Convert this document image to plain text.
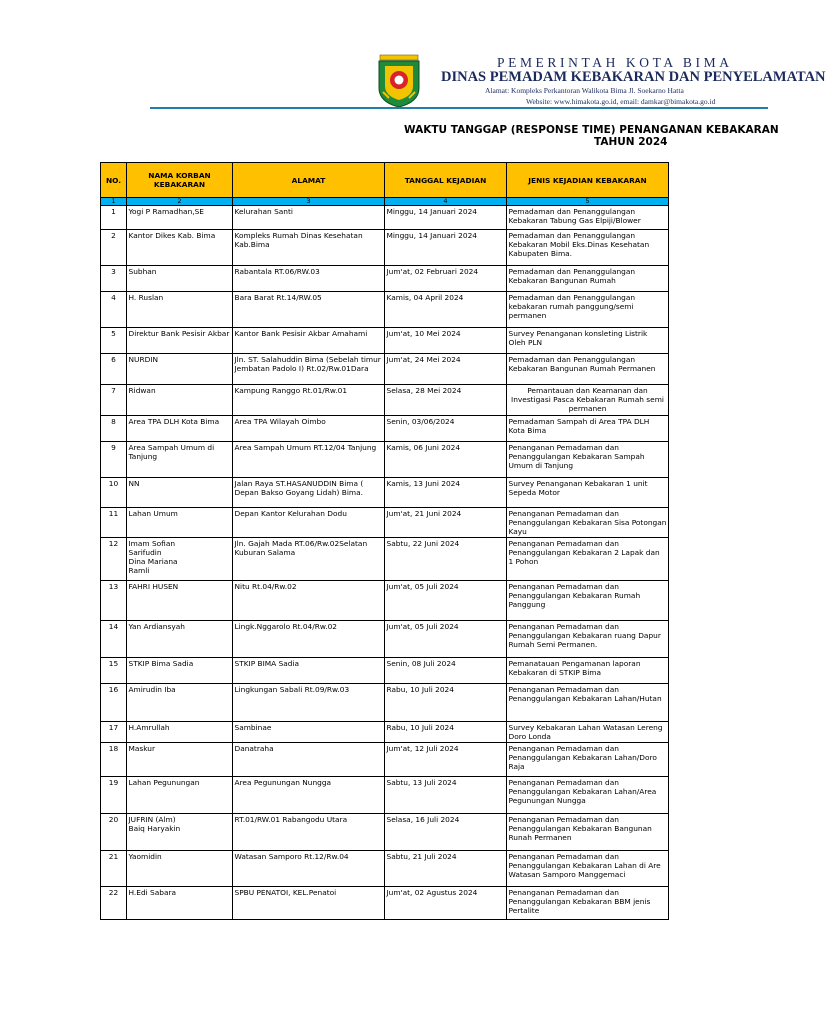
PEMERINTAH KOTA BIMA
DINAS PEMADAM KEBAKARAN DAN PENYELAMATAN
Alamat: Kompleks Perkantoran Walikota Bima Jl. Soekarno Hatta
Website: www.himakota.go.id, email: damkar@bimakota.go.id
WAKTU TANGGAP (RESPONSE TIME) PENANGANAN KEBAKARAN
TAHUN 2024
NO.	NAMA KORBAN KEBAKARAN	ALAMAT	TANGGAL KEJADIAN	JENIS KEJADIAN KEBAKARAN
1	2	3	4	5
1	Yogi P Ramadhan,SE	Kelurahan Santi	Minggu, 14 Januari 2024	Pemadaman dan Penanggulangan Kebakaran Tabung Gas Elpiji/Blower
2	Kantor Dikes Kab. Bima	Kompleks Rumah Dinas Kesehatan Kab.Bima	Minggu, 14 Januari 2024	Pemadaman dan Penanggulangan Kebakaran Mobil Eks.Dinas Kesehatan Kabupaten Bima.
3	Subhan	Rabantala RT.06/RW.03	Jum'at, 02 Februari 2024	Pemadaman dan Penanggulangan Kebakaran Bangunan Rumah
4	H. Ruslan	Bara Barat Rt.14/RW.05	Kamis, 04 April 2024	Pemadaman dan Penanggulangan kebakaran rumah panggung/semi permanen
5	Direktur Bank Pesisir Akbar	Kantor Bank Pesisir Akbar Amahami	Jum'at, 10 Mei 2024	Survey Penanganan konsleting Listrik Oleh PLN
6	NURDIN	Jln. ST. Salahuddin Bima (Sebelah timur Jembatan Padolo I) Rt.02/Rw.01Dara	Jum'at, 24 Mei 2024	Pemadaman dan Penanggulangan Kebakaran Bangunan Rumah Permanen
7	Ridwan	Kampung Ranggo Rt.01/Rw.01	Selasa, 28 Mei 2024	Pemantauan dan Keamanan dan Investigasi Pasca Kebakaran Rumah semi permanen
8	Area TPA DLH Kota Bima	Area TPA Wilayah Oimbo	Senin, 03/06/2024	Pemadaman Sampah di Area TPA DLH Kota Bima
9	Area Sampah Umum di Tanjung	Area Sampah Umum RT.12/04 Tanjung	Kamis, 06 Juni 2024	Penanganan Pemadaman dan Penanggulangan Kebakaran Sampah Umum di Tanjung
10	NN	Jalan Raya ST.HASANUDDIN Bima ( Depan Bakso Goyang Lidah) Bima.	Kamis, 13 Juni 2024	Survey Penanganan Kebakaran 1 unit Sepeda Motor
11	Lahan Umum	Depan Kantor Kelurahan Dodu	Jum'at, 21 Juni 2024	Penanganan Pemadaman dan Penanggulangan Kebakaran Sisa Potongan Kayu
12	Imam Sofian
Sarifudin
Dina Mariana
Ramli	Jln. Gajah Mada RT.06/Rw.02Selatan Kuburan Salama	Sabtu, 22 Juni 2024	Penanganan Pemadaman dan Penanggulangan Kebakaran 2 Lapak dan 1 Pohon
13	FAHRI HUSEN	Nitu Rt.04/Rw.02	Jum'at, 05 Juli 2024	Penanganan Pemadaman dan Penanggulangan Kebakaran Rumah Panggung
14	Yan Ardiansyah	Lingk.Nggarolo Rt.04/Rw.02	Jum'at, 05 Juli 2024	Penanganan Pemadaman dan Penanggulangan Kebakaran ruang Dapur Rumah Semi Permanen.
15	STKIP Bima Sadia	STKIP BIMA Sadia	Senin, 08 Juli 2024	Pemanatauan Pengamanan laporan Kebakaran di STKIP Bima
16	Amirudin Iba	Lingkungan Sabali Rt.09/Rw.03	Rabu, 10 Juli 2024	Penanganan Pemadaman dan Penanggulangan Kebakaran Lahan/Hutan
17	H.Amrullah	Sambinae	Rabu, 10 Juli 2024	Survey Kebakaran Lahan Watasan Lereng Doro Londa
18	Maskur	Danatraha	Jum'at, 12 Juli 2024	Penanganan Pemadaman dan Penanggulangan Kebakaran Lahan/Doro Raja
19	Lahan Pegunungan	Area Pegunungan Nungga	Sabtu, 13 Juli 2024	Penanganan Pemadaman dan Penanggulangan Kebakaran Lahan/Area Pegunungan Nungga
20	JUFRIN (Alm)
Baiq Haryakin	RT.01/RW.01 Rabangodu Utara	Selasa, 16 Juli 2024	Penanganan Pemadaman dan Penanggulangan Kebakaran Bangunan Runah Permanen
21	Yaomidin	Watasan Samporo Rt.12/Rw.04	Sabtu, 21 Juli 2024	Penanganan Pemadaman dan Penanggulangan Kebakaran Lahan di Are Watasan Samporo Manggemaci
22	H.Edi Sabara	SPBU PENATOI, KEL.Penatoi	Jum'at, 02 Agustus 2024	Penanganan Pemadaman dan Penanggulangan Kebakaran BBM jenis Pertalite
